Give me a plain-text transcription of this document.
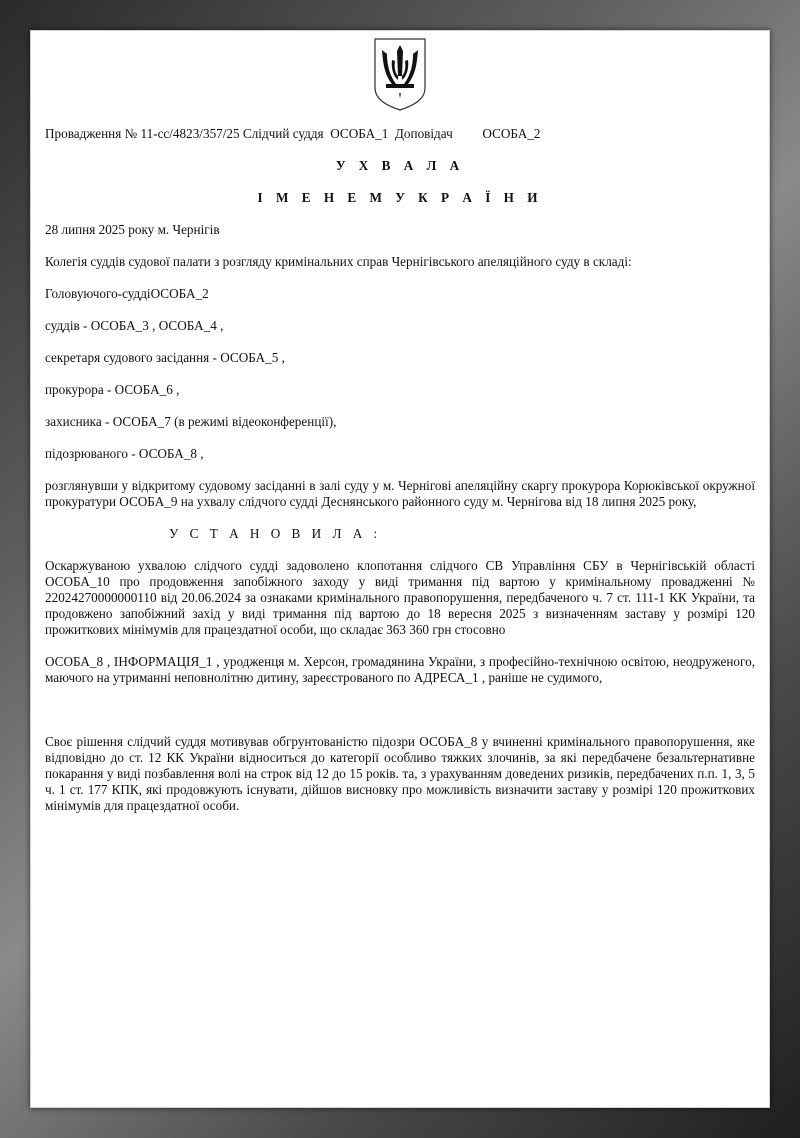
Провадження № 11-сс/4823/357/25 Слідчий суддя  ОСОБА_1  Доповідач         ОСОБА_2

У Х В А Л А

І М Е Н Е М У К Р А Ї Н И

28 липня 2025 року м. Чернігів

Колегія суддів судової палати з розгляду кримінальних справ Чернігівського апеляційного суду в складі:

Головуючого-суддіОСОБА_2

суддів - ОСОБА_3 , ОСОБА_4 ,

секретаря судового засідання - ОСОБА_5 ,

прокурора - ОСОБА_6 ,

захисника - ОСОБА_7 (в режимі відеоконференції),

підозрюваного - ОСОБА_8 ,

розглянувши у відкритому судовому засіданні в залі суду у м. Чернігові апеляційну скаргу прокурора Корюківської окружної прокуратури ОСОБА_9 на ухвалу слідчого судді Деснянського районного суду м. Чернігова від 18 липня 2025 року,

У С Т А Н О В И Л А :

Оскаржуваною ухвалою слідчого судді задоволено клопотання слідчого СВ Управління СБУ в Чернігівській області ОСОБА_10 про продовження запобіжного заходу у виді тримання під вартою у кримінальному провадженні № 22024270000000110 від 20.06.2024 за ознаками кримінального правопорушення, передбаченого ч. 7 ст. 111-1 КК України, та продовжено запобіжний захід у виді тримання під вартою до 18 вересня 2025 з визначенням заставу у розмірі 120 прожиткових мінімумів для працездатної особи, що складає 363 360 грн стосовно

ОСОБА_8 , ІНФОРМАЦІЯ_1 , уродженця м. Херсон, громадянина України, з професійно-технічною освітою, неодруженого, маючого на утриманні неповнолітню дитину, зареєстрованого по АДРЕСА_1 , раніше не судимого,

Своє рішення слідчий суддя мотивував обгрунтованістю підозри ОСОБА_8 у вчиненні кримінального правопорушення, яке відповідно до ст. 12 КК України відноситься до категорії особливо тяжких злочинів, за які передбачене безальтернативне покарання у виді позбавлення волі на строк від 12 до 15 років. та, з урахуванням доведених ризиків, передбачених п.п. 1, 3, 5 ч. 1 ст. 177 КПК, які продовжують існувати, дійшов висновку про можливість визначити заставу у розмірі 120 прожиткових мінімумів для працездатної особи.
